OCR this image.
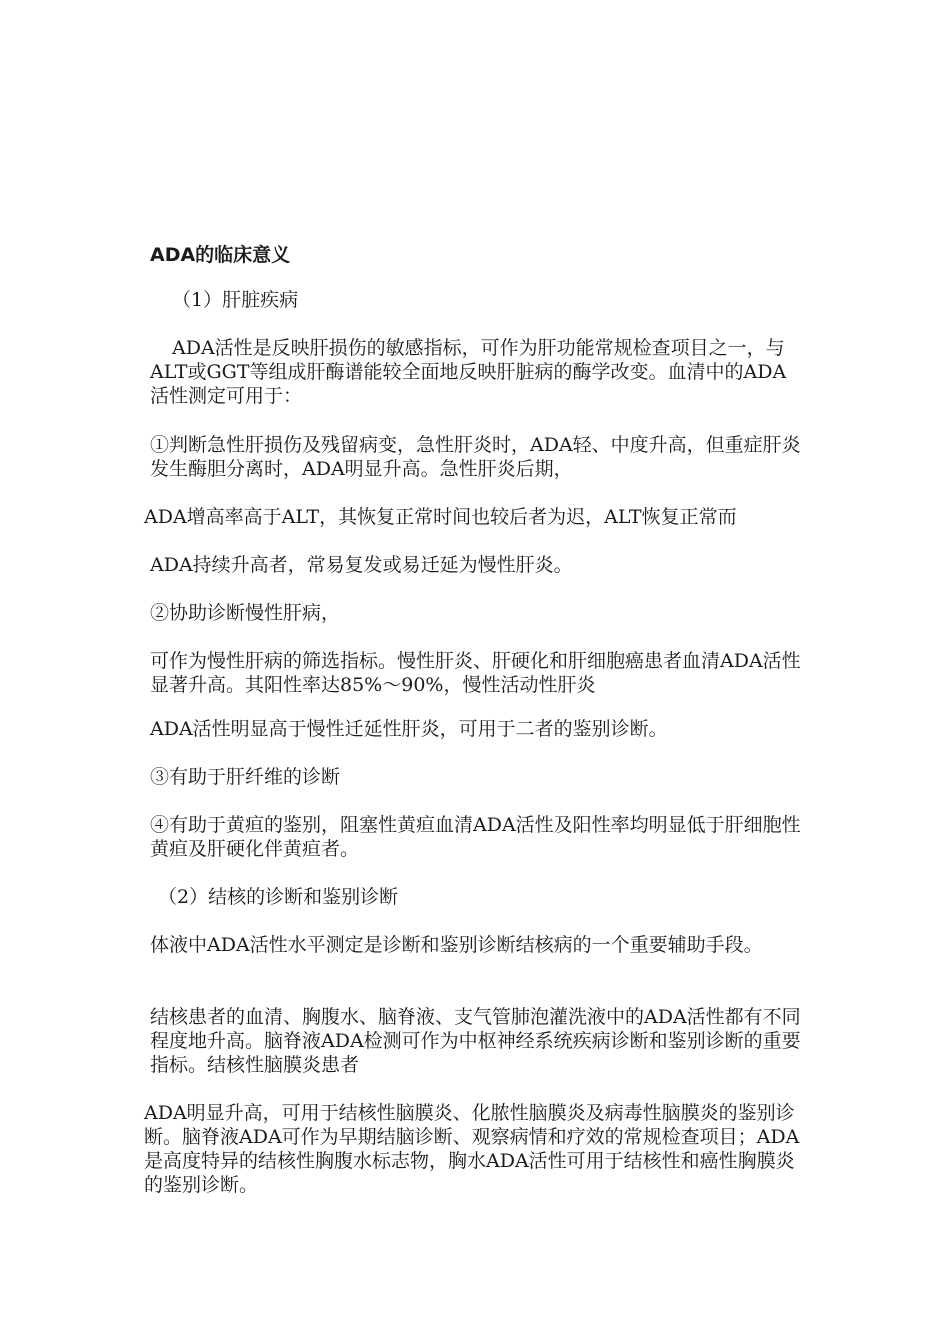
ADA的临床意义

（1）肝脏疾病

ADA活性是反映肝损伤的敏感指标，可作为肝功能常规检查项目之一，与ALT或GGT等组成肝酶谱能较全面地反映肝脏病的酶学改变。血清中的ADA活性测定可用于：

①判断急性肝损伤及残留病变，急性肝炎时，ADA轻、中度升高，但重症肝炎发生酶胆分离时，ADA明显升高。急性肝炎后期，

ADA增高率高于ALT，其恢复正常时间也较后者为迟，ALT恢复正常而

ADA持续升高者，常易复发或易迁延为慢性肝炎。

②协助诊断慢性肝病，

可作为慢性肝病的筛选指标。慢性肝炎、肝硬化和肝细胞癌患者血清ADA活性显著升高。其阳性率达85%～90%，慢性活动性肝炎

ADA活性明显高于慢性迁延性肝炎，可用于二者的鉴别诊断。

③有助于肝纤维的诊断

④有助于黄疸的鉴别，阻塞性黄疸血清ADA活性及阳性率均明显低于肝细胞性黄疸及肝硬化伴黄疸者。

（2）结核的诊断和鉴别诊断

体液中ADA活性水平测定是诊断和鉴别诊断结核病的一个重要辅助手段。

结核患者的血清、胸腹水、脑脊液、支气管肺泡灌洗液中的ADA活性都有不同程度地升高。脑脊液ADA检测可作为中枢神经系统疾病诊断和鉴别诊断的重要指标。结核性脑膜炎患者

ADA明显升高，可用于结核性脑膜炎、化脓性脑膜炎及病毒性脑膜炎的鉴别诊断。脑脊液ADA可作为早期结脑诊断、观察病情和疗效的常规检查项目；ADA是高度特异的结核性胸腹水标志物，胸水ADA活性可用于结核性和癌性胸膜炎的鉴别诊断。
